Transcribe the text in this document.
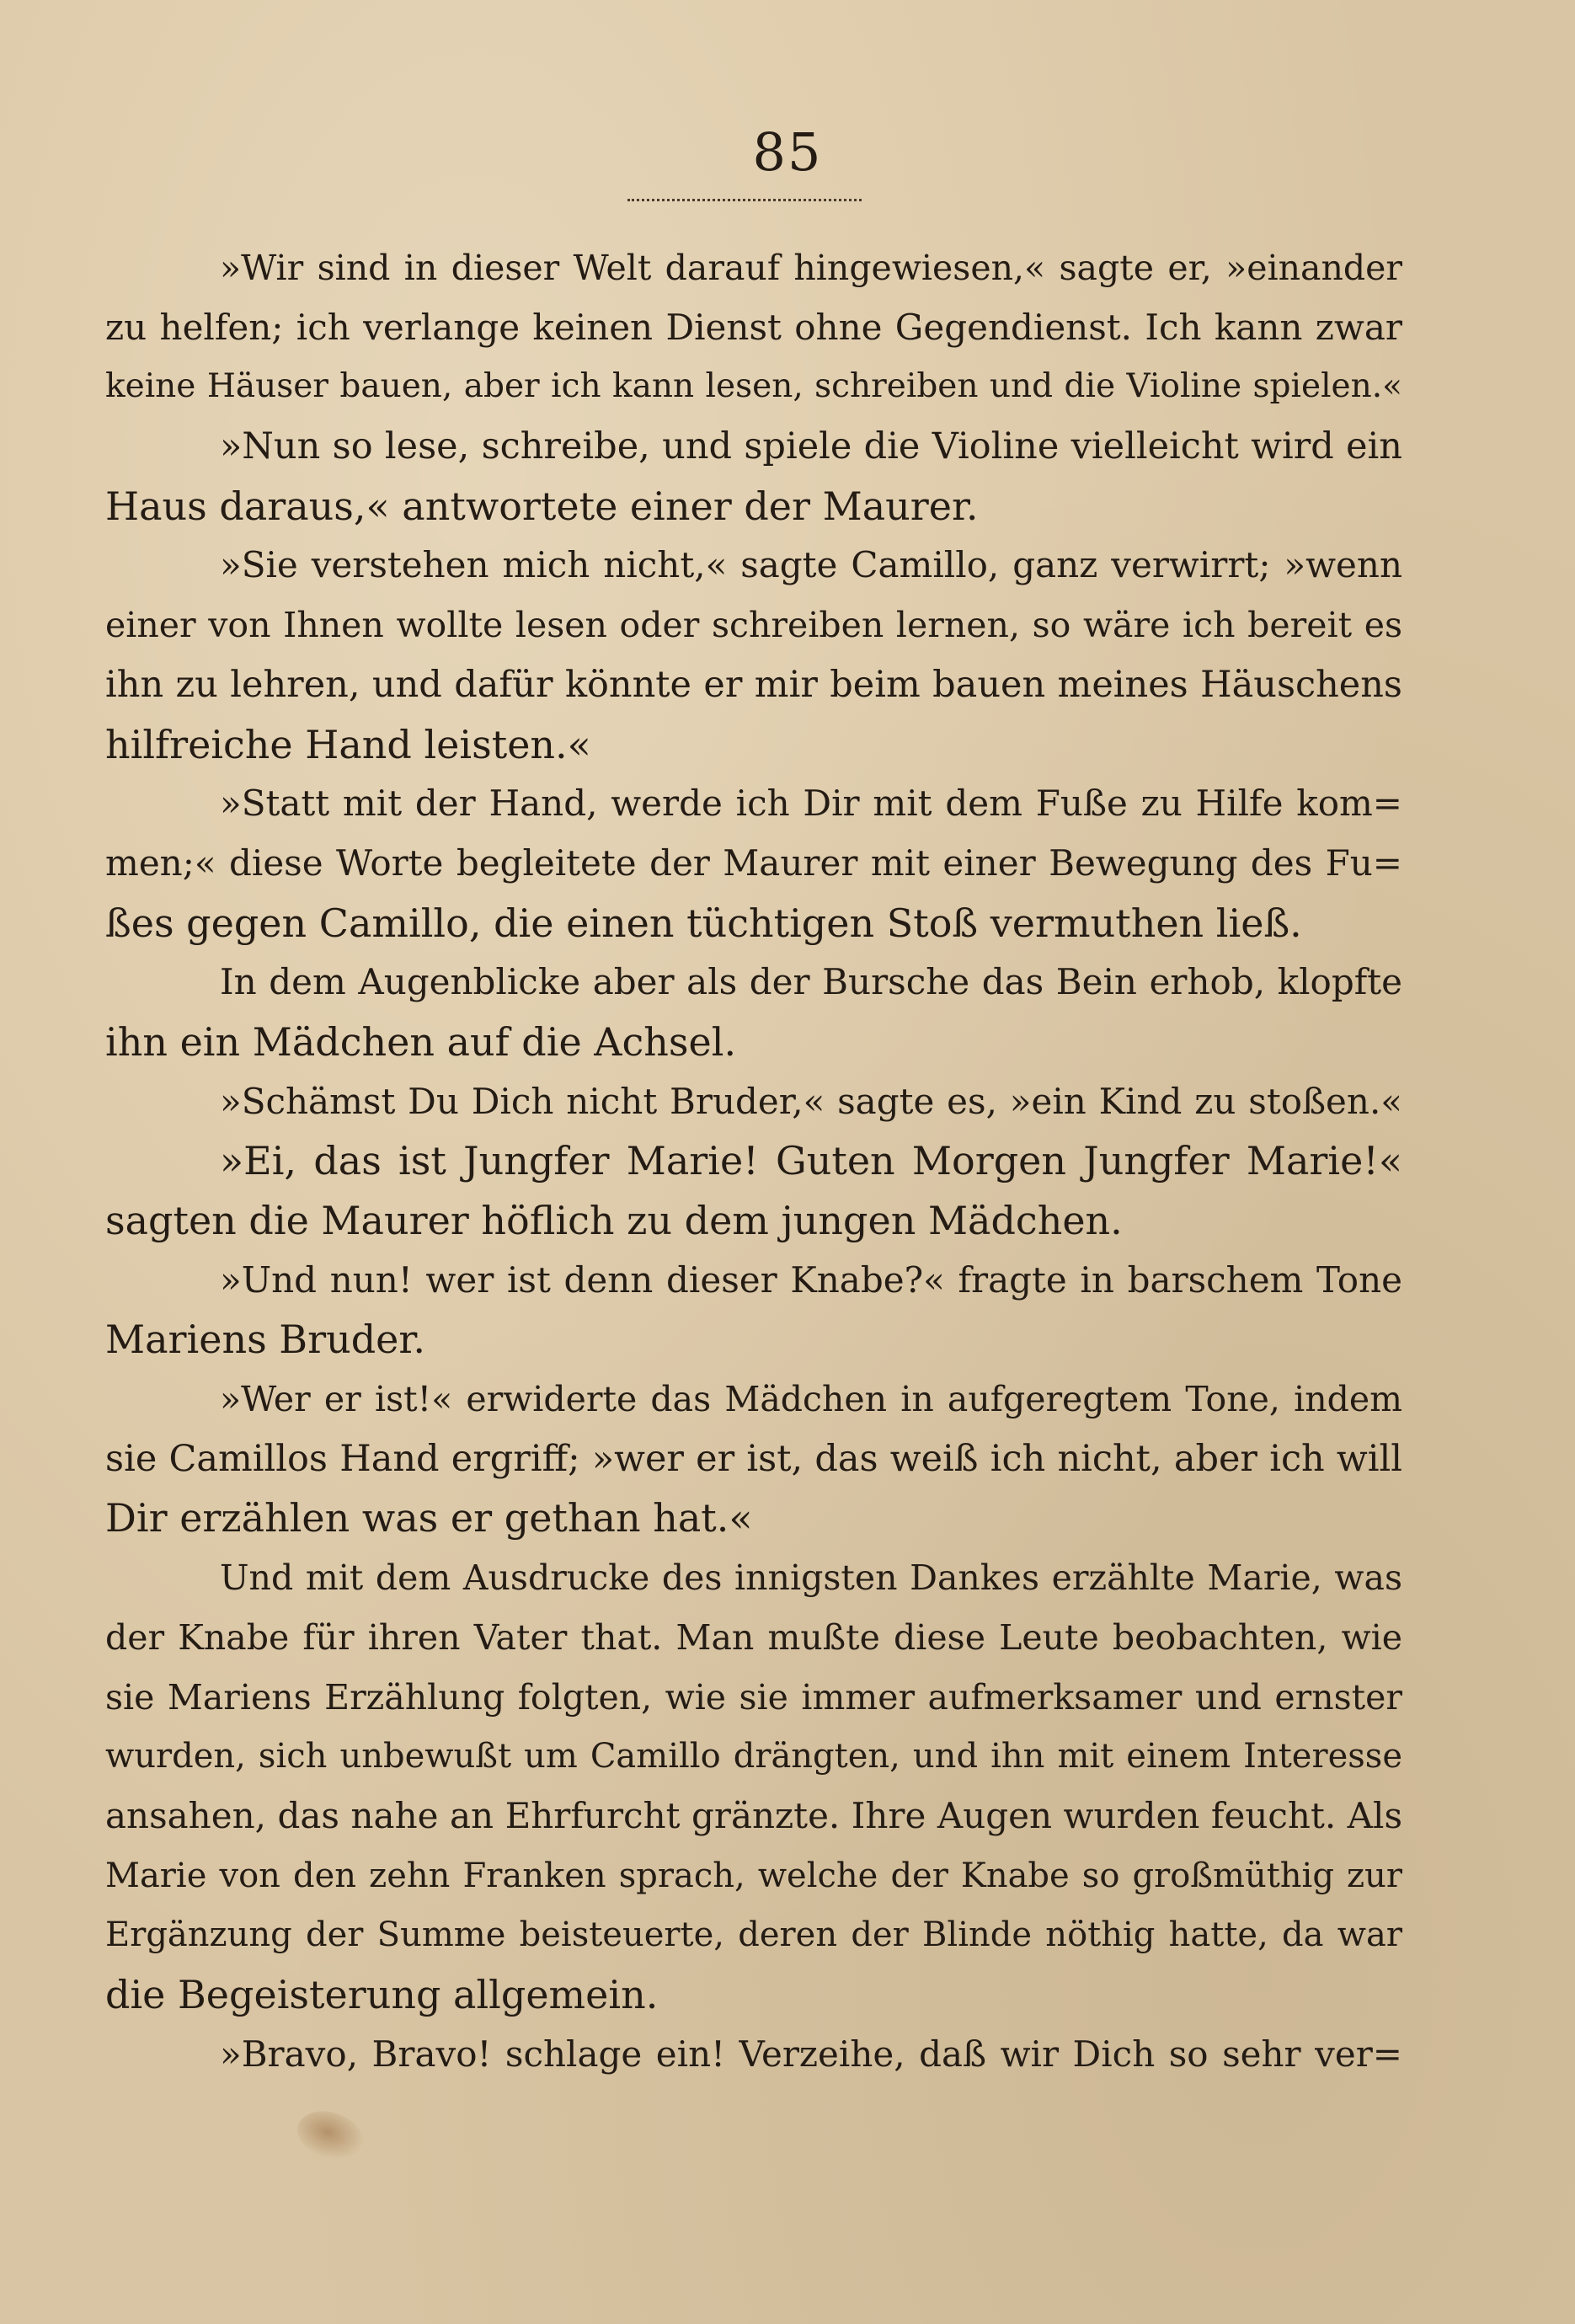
85
»Wir sind in dieser Welt darauf hingewiesen,« sagte er, »einander
zu helfen; ich verlange keinen Dienst ohne Gegendienst. Ich kann zwar
keine Häuser bauen, aber ich kann lesen, schreiben und die Violine spielen.«
»Nun so lese, schreibe, und spiele die Violine vielleicht wird ein
Haus daraus,« antwortete einer der Maurer.
»Sie verstehen mich nicht,« sagte Camillo, ganz verwirrt; »wenn
einer von Ihnen wollte lesen oder schreiben lernen, so wäre ich bereit es
ihn zu lehren, und dafür könnte er mir beim bauen meines Häuschens
hilfreiche Hand leisten.«
»Statt mit der Hand, werde ich Dir mit dem Fuße zu Hilfe kom=
men;« diese Worte begleitete der Maurer mit einer Bewegung des Fu=
ßes gegen Camillo, die einen tüchtigen Stoß vermuthen ließ.
In dem Augenblicke aber als der Bursche das Bein erhob, klopfte
ihn ein Mädchen auf die Achsel.
»Schämst Du Dich nicht Bruder,« sagte es, »ein Kind zu stoßen.«
»Ei, das ist Jungfer Marie! Guten Morgen Jungfer Marie!«
sagten die Maurer höflich zu dem jungen Mädchen.
»Und nun! wer ist denn dieser Knabe?« fragte in barschem Tone
Mariens Bruder.
»Wer er ist!« erwiderte das Mädchen in aufgeregtem Tone, indem
sie Camillos Hand ergriff; »wer er ist, das weiß ich nicht, aber ich will
Dir erzählen was er gethan hat.«
Und mit dem Ausdrucke des innigsten Dankes erzählte Marie, was
der Knabe für ihren Vater that. Man mußte diese Leute beobachten, wie
sie Mariens Erzählung folgten, wie sie immer aufmerksamer und ernster
wurden, sich unbewußt um Camillo drängten, und ihn mit einem Interesse
ansahen, das nahe an Ehrfurcht gränzte. Ihre Augen wurden feucht. Als
Marie von den zehn Franken sprach, welche der Knabe so großmüthig zur
Ergänzung der Summe beisteuerte, deren der Blinde nöthig hatte, da war
die Begeisterung allgemein.
»Bravo, Bravo! schlage ein! Verzeihe, daß wir Dich so sehr ver=
